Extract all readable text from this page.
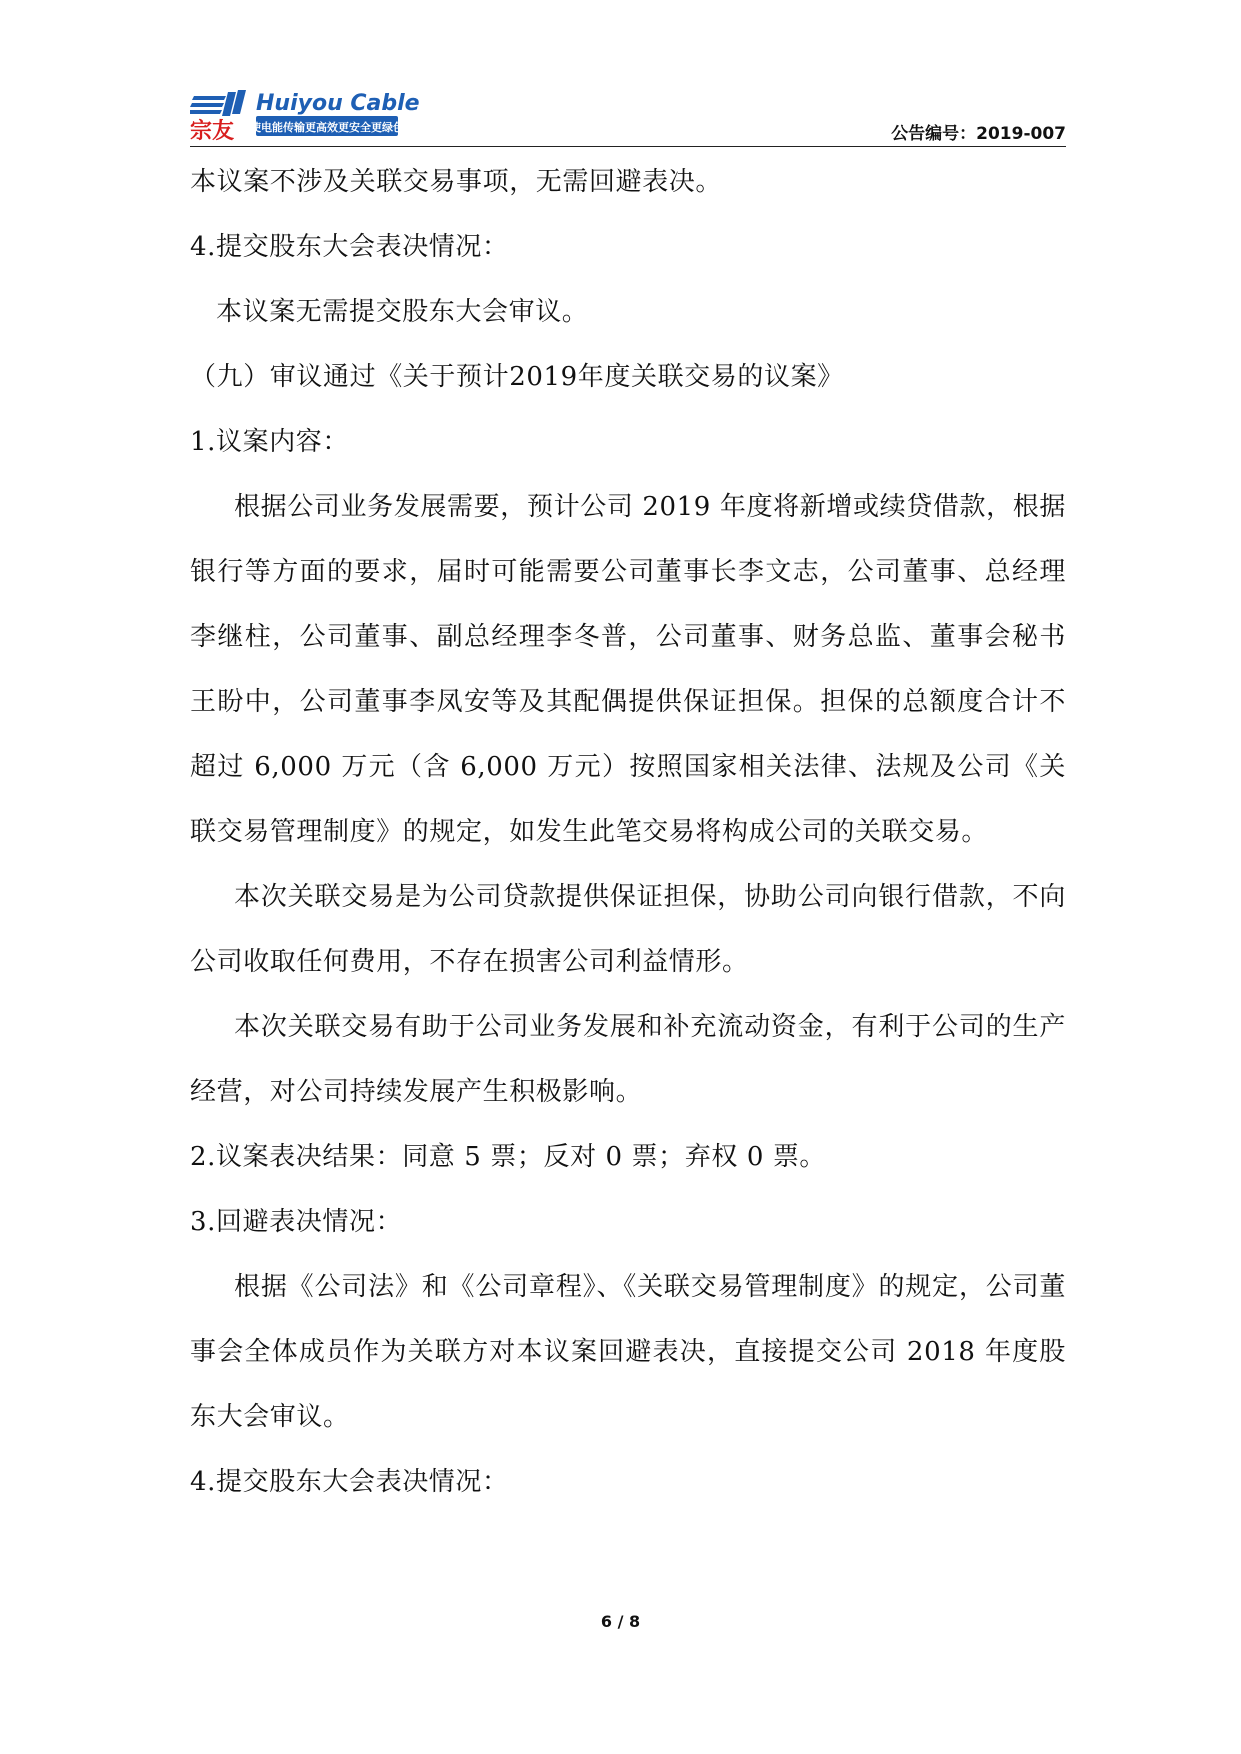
宗友
Huiyou Cable
使电能传输更高效更安全更绿色	公告编号：2019-007

本议案不涉及关联交易事项，无需回避表决。

4.提交股东大会表决情况：

本议案无需提交股东大会审议。

（九）审议通过《关于预计2019年度关联交易的议案》

1.议案内容：

根据公司业务发展需要，预计公司 2019 年度将新增或续贷借款，根据银行等方面的要求，届时可能需要公司董事长李文志，公司董事、总经理李继柱，公司董事、副总经理李冬普，公司董事、财务总监、董事会秘书王盼中，公司董事李凤安等及其配偶提供保证担保。担保的总额度合计不超过 6,000 万元（含 6,000 万元）按照国家相关法律、法规及公司《关联交易管理制度》的规定，如发生此笔交易将构成公司的关联交易。

本次关联交易是为公司贷款提供保证担保，协助公司向银行借款，不向公司收取任何费用，不存在损害公司利益情形。

本次关联交易有助于公司业务发展和补充流动资金，有利于公司的生产经营，对公司持续发展产生积极影响。

2.议案表决结果：同意 5 票；反对 0 票；弃权 0 票。

3.回避表决情况：

根据《公司法》和《公司章程》、《关联交易管理制度》的规定，公司董事会全体成员作为关联方对本议案回避表决，直接提交公司 2018 年度股东大会审议。

4.提交股东大会表决情况：

6 / 8
